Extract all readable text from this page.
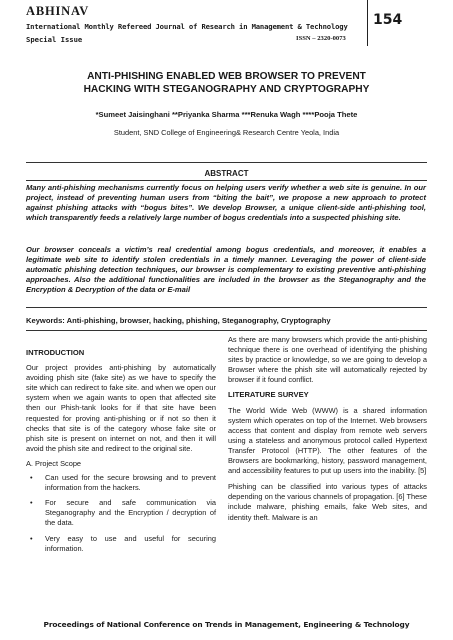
ABHINAV
International Monthly Refereed Journal of Research in Management & Technology
Special Issue	ISSN – 2320-0073
154
ANTI-PHISHING ENABLED WEB BROWSER TO PREVENT
HACKING WITH STEGANOGRAPHY AND CRYPTOGRAPHY
*Sumeet Jaisinghani **Priyanka Sharma ***Renuka Wagh ****Pooja Thete
Student, SND College of Engineering& Research Centre Yeola, India
ABSTRACT
Many anti-phishing mechanisms currently focus on helping users verify whether a web site is genuine. In our project, instead of preventing human users from “biting the bait”, we propose a new approach to protect against phishing attacks with “bogus bites”. We develop Browser, a unique client-side anti-phishing tool, which transparently feeds a relatively large number of bogus credentials into a suspected phishing site.
Our browser conceals a victim’s real credential among bogus credentials, and moreover, it enables a legitimate web site to identify stolen credentials in a timely manner. Leveraging the power of client-side automatic phishing detection techniques, our browser is complementary to existing preventive anti-phishing approaches. Also the additional functionalities are included in the browser as the Steganography and the Encryption & Decryption of the data or E-mail
Keywords: Anti-phishing, browser, hacking, phishing, Steganography, Cryptography
INTRODUCTION

Our project provides anti-phishing by automatically avoiding phish site (fake site) as we have to specify the site which can redirect to fake site. and when we open our system when we again wants to open that affected site then our Phish-tank looks for if that site have been requested for proving anti-phishing or if not so then it checks that site is of the category whose fake site or phish site is present on internet on not, and then it will avoid the phish site and redirect to the original site.

A. Project Scope

• Can used for the secure browsing and to prevent information from the hackers.
• For secure and safe communication via Steganography and the Encryption / decryption of the data.
• Very easy to use and useful for securing information.

As there are many browsers which provide the anti-phishing technique there is one overhead of identifying the phishing sites by practice or knowledge, so we are going to develop a Browser where the phish site will automatically rejected by browser if it found conflict.

LITERATURE SURVEY

The World Wide Web (WWW) is a shared information system which operates on top of the Internet. Web browsers access that content and display from remote web servers using a stateless and anonymous protocol called Hypertext Transfer Protocol (HTTP). The other features of the Browsers are bookmarking, history, password management, and accessibility features to put up users into the inability. [5]

Phishing can be classified into various types of attacks depending on the various channels of propagation. [6] These include malware, phishing emails, fake Web sites, and identity theft. Malware is an

Proceedings of National Conference on Trends in Management, Engineering & Technology
